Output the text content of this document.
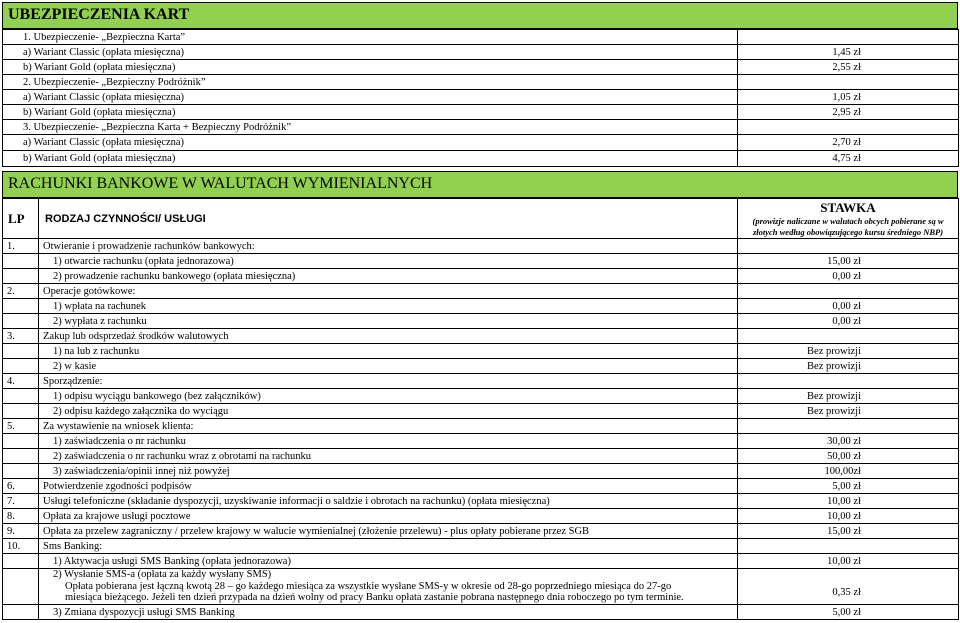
UBEZPIECZENIA KART
1. Ubezpieczenie- „Bezpieczna Karta”	
a) Wariant Classic (opłata miesięczna)	1,45 zł
b) Wariant Gold (opłata miesięczna)	2,55 zł
2. Ubezpieczenie- „Bezpieczny Podróżnik”	
a) Wariant Classic (opłata miesięczna)	1,05 zł
b) Wariant Gold (opłata miesięczna)	2,95 zł
3. Ubezpieczenie- „Bezpieczna Karta + Bezpieczny Podróżnik”	
a) Wariant Classic (opłata miesięczna)	2,70 zł
b) Wariant Gold (opłata miesięczna)	4,75 zł
RACHUNKI BANKOWE W WALUTACH WYMIENIALNYCH
LP	RODZAJ CZYNNOŚCI/ USŁUGI	STAWKA
(prowizje naliczane w walutach obcych pobierane są w złotych według obowiązującego kursu średniego NBP)

1.	Otwieranie i prowadzenie rachunków bankowych:	
	1) otwarcie rachunku (opłata jednorazowa)	15,00 zł
	2) prowadzenie rachunku bankowego (opłata miesięczna)	0,00 zł
2.	Operacje gotówkowe:	
	1) wpłata na rachunek	0,00 zł
	2) wypłata z rachunku	0,00 zł
3.	Zakup lub odsprzedaż środków walutowych	
	1) na lub z rachunku	Bez prowizji
	2) w kasie	Bez prowizji
4.	Sporządzenie:	
	1) odpisu wyciągu bankowego (bez załączników)	Bez prowizji
	2) odpisu każdego załącznika do wyciągu	Bez prowizji
5.	Za wystawienie na wniosek klienta:	
	1) zaświadczenia o nr rachunku	30,00 zł
	2) zaświadczenia o nr rachunku wraz z obrotami na rachunku	50,00 zł
	3) zaświadczenia/opinii innej niż powyżej	100,00zł
6.	Potwierdzenie zgodności podpisów	5,00 zł
7.	Usługi telefoniczne (składanie dyspozycji, uzyskiwanie informacji o saldzie i obrotach na rachunku) (opłata miesięczna)	10,00 zł
8.	Opłata za krajowe usługi pocztowe	10,00 zł
9.	Opłata za przelew zagraniczny / przelew krajowy w walucie wymienialnej (złożenie przelewu) - plus opłaty pobierane przez SGB	15,00 zł
10.	Sms Banking:	
	1) Aktywacja usługi SMS Banking (opłata jednorazowa)	10,00 zł
	2) Wysłanie SMS-a (opłata za każdy wysłany SMS)	
	Opłata pobierana jest łączną kwotą 28 – go każdego miesiąca za wszystkie wysłane SMS-y w okresie od 28-go poprzedniego miesiąca do 27-go miesiąca bieżącego. Jeżeli ten dzień przypada na dzień wolny od pracy Banku opłata zastanie pobrana następnego dnia roboczego po tym terminie.	0,35 zł
	3) Zmiana dyspozycji usługi SMS Banking	5,00 zł
